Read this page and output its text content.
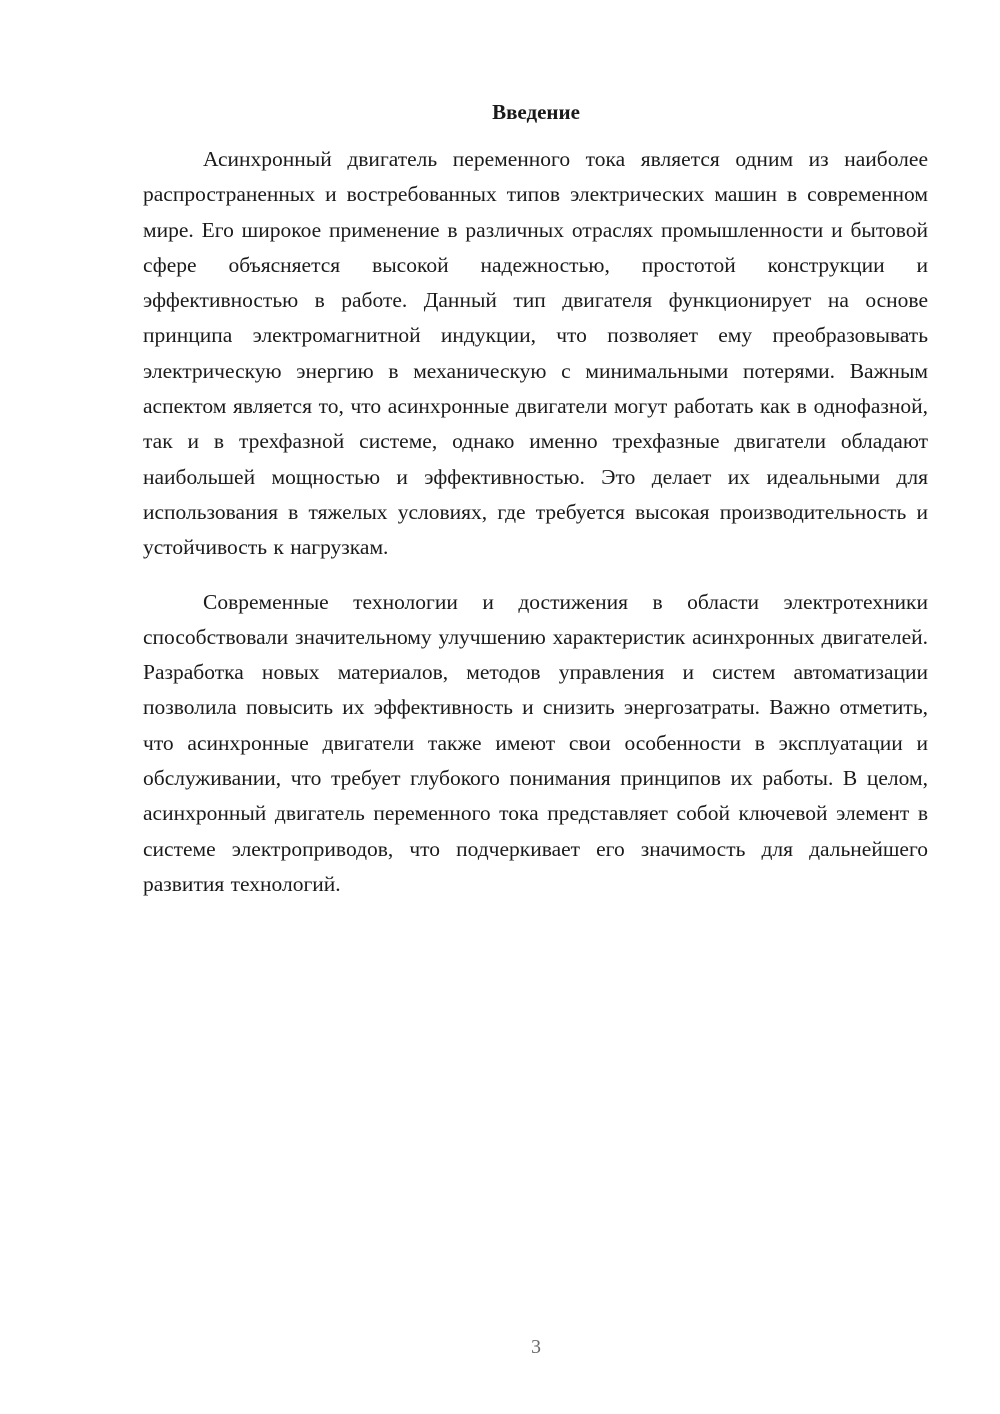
Введение

Асинхронный двигатель переменного тока является одним из наиболее распространенных и востребованных типов электрических машин в современном мире. Его широкое применение в различных отраслях промышленности и бытовой сфере объясняется высокой надежностью, простотой конструкции и эффективностью в работе. Данный тип двигателя функционирует на основе принципа электромагнитной индукции, что позволяет ему преобразовывать электрическую энергию в механическую с минимальными потерями. Важным аспектом является то, что асинхронные двигатели могут работать как в однофазной, так и в трехфазной системе, однако именно трехфазные двигатели обладают наибольшей мощностью и эффективностью. Это делает их идеальными для использования в тяжелых условиях, где требуется высокая производительность и устойчивость к нагрузкам.

Современные технологии и достижения в области электротехники способствовали значительному улучшению характеристик асинхронных двигателей. Разработка новых материалов, методов управления и систем автоматизации позволила повысить их эффективность и снизить энергозатраты. Важно отметить, что асинхронные двигатели также имеют свои особенности в эксплуатации и обслуживании, что требует глубокого понимания принципов их работы. В целом, асинхронный двигатель переменного тока представляет собой ключевой элемент в системе электроприводов, что подчеркивает его значимость для дальнейшего развития технологий.

3
